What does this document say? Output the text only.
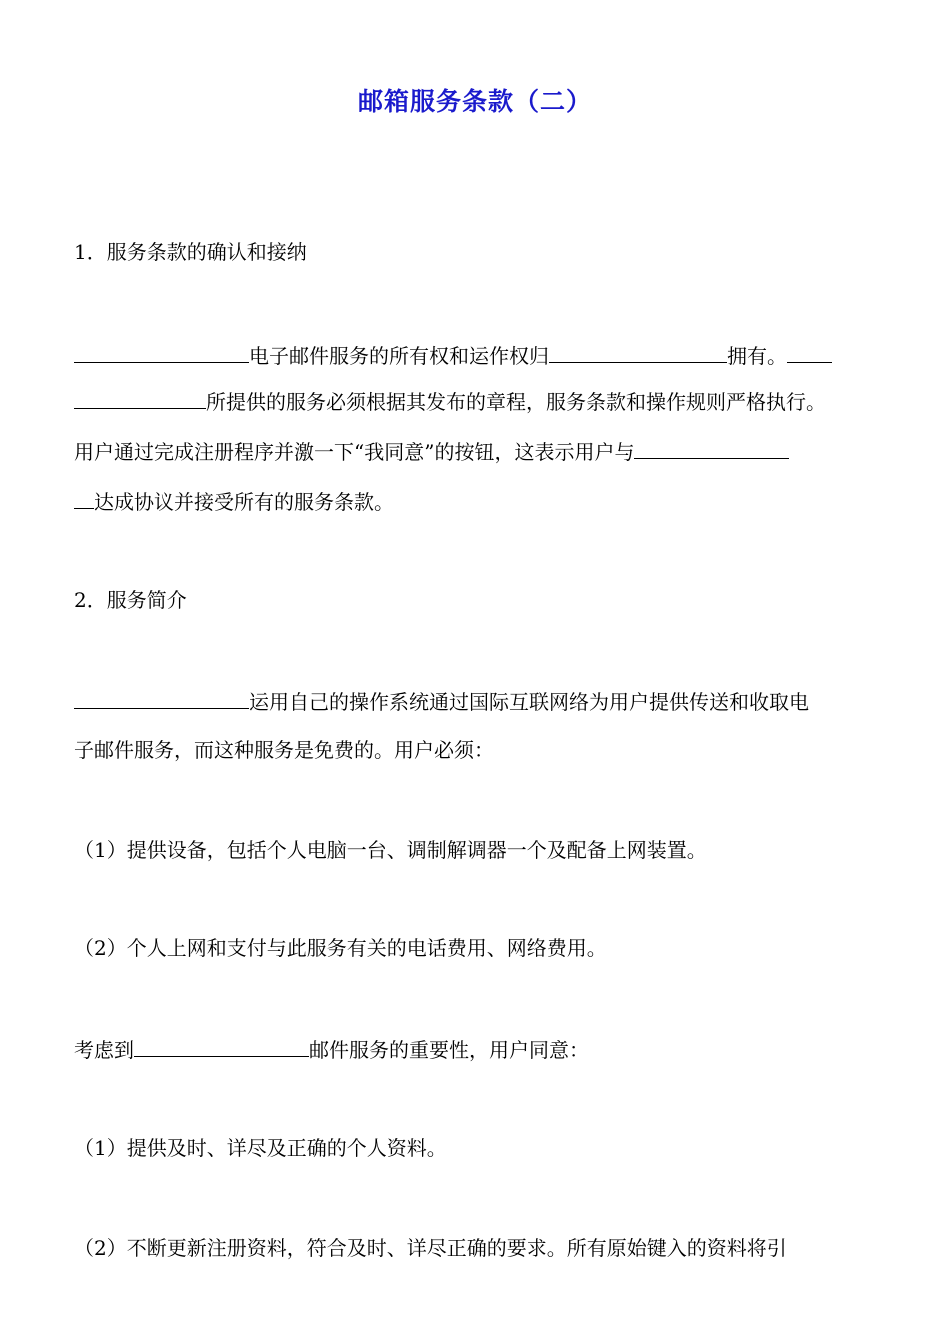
邮箱服务条款（二）
1．服务条款的确认和接纳
电子邮件服务的所有权和运作权归	拥有。
所提供的服务必须根据其发布的章程，服务条款和操作规则严格执行。
用户通过完成注册程序并激一下“我同意”的按钮，这表示用户与
达成协议并接受所有的服务条款。
2．服务简介
运用自己的操作系统通过国际互联网络为用户提供传送和收取电
子邮件服务，而这种服务是免费的。用户必须：
（1）提供设备，包括个人电脑一台、调制解调器一个及配备上网装置。
（2）个人上网和支付与此服务有关的电话费用、网络费用。
考虑到	邮件服务的重要性，用户同意：
（1）提供及时、详尽及正确的个人资料。
（2）不断更新注册资料，符合及时、详尽正确的要求。所有原始键入的资料将引
